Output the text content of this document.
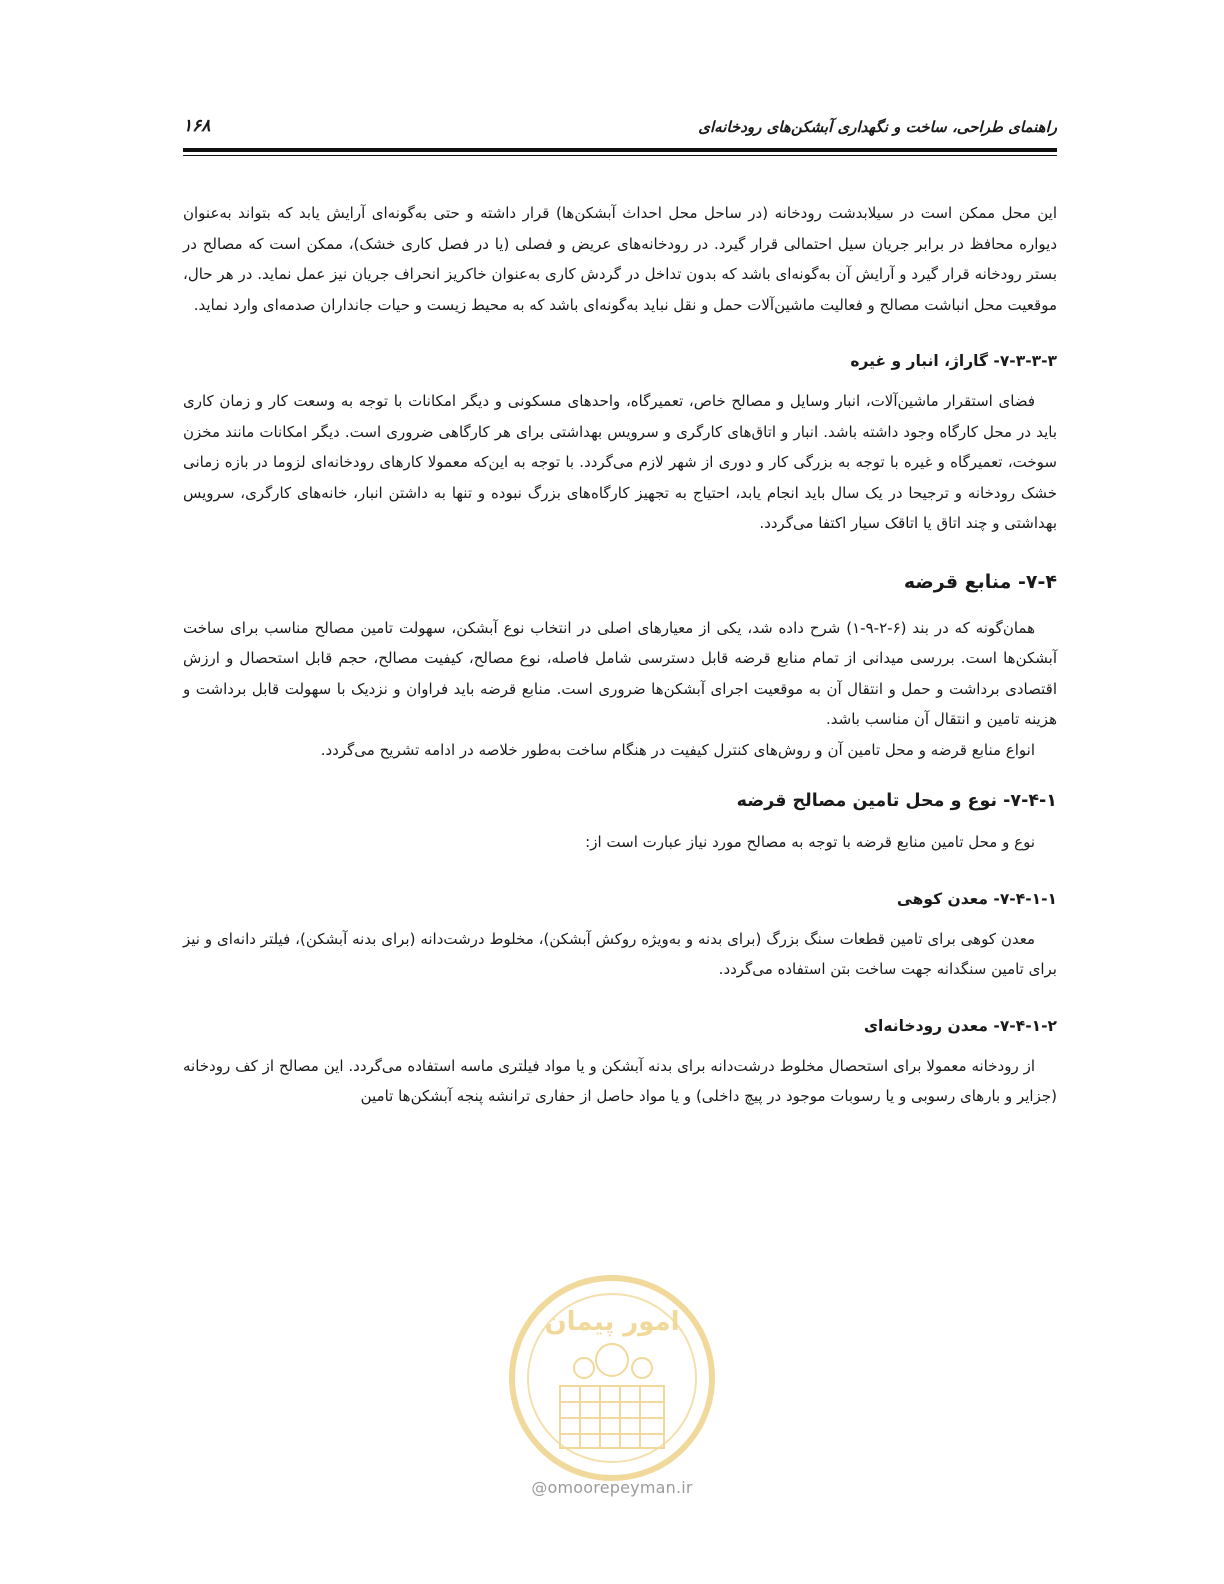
راهنمای طراحی، ساخت و نگهداری آبشکن‌های رودخانه‌ای
۱۶۸

این محل ممکن است در سیلابدشت رودخانه (در ساحل محل احداث آبشکن‌ها) قرار داشته و حتی به‌گونه‌ای آرایش یابد که بتواند به‌عنوان دیواره محافظ در برابر جریان سیل احتمالی قرار گیرد. در رودخانه‌های عریض و فصلی (یا در فصل کاری خشک)، ممکن است که مصالح در بستر رودخانه قرار گیرد و آرایش آن به‌گونه‌ای باشد که بدون تداخل در گردش کاری به‌عنوان خاکریز انحراف جریان نیز عمل نماید. در هر حال، موقعیت محل انباشت مصالح و فعالیت ماشین‌آلات حمل و نقل نباید به‌گونه‌ای باشد که به محیط زیست و حیات جانداران صدمه‌ای وارد نماید.

۷-۳-۳-۳- گاراژ، انبار و غیره

فضای استقرار ماشین‌آلات، انبار وسایل و مصالح خاص، تعمیرگاه، واحدهای مسکونی و دیگر امکانات با توجه به وسعت کار و زمان کاری باید در محل کارگاه وجود داشته باشد. انبار و اتاق‌های کارگری و سرویس بهداشتی برای هر کارگاهی ضروری است. دیگر امکانات مانند مخزن سوخت، تعمیرگاه و غیره با توجه به بزرگی کار و دوری از شهر لازم می‌گردد. با توجه به این‌که معمولا کارهای رودخانه‌ای لزوما در بازه زمانی خشک رودخانه و ترجیحا در یک سال باید انجام یابد، احتیاج به تجهیز کارگاه‌های بزرگ نبوده و تنها به داشتن انبار، خانه‌های کارگری، سرویس بهداشتی و چند اتاق یا اتاقک سیار اکتفا می‌گردد.

۷-۴- منابع قرضه

همان‌گونه که در بند (۶-۲-۹-۱) شرح داده شد، یکی از معیارهای اصلی در انتخاب نوع آبشکن، سهولت تامین مصالح مناسب برای ساخت آبشکن‌ها است. بررسی میدانی از تمام منابع قرضه قابل دسترسی شامل فاصله، نوع مصالح، کیفیت مصالح، حجم قابل استحصال و ارزش اقتصادی برداشت و حمل و انتقال آن به موقعیت اجرای آبشکن‌ها ضروری است. منابع قرضه باید فراوان و نزدیک با سهولت قابل برداشت و هزینه تامین و انتقال آن مناسب باشد.

انواع منابع قرضه و محل تامین آن و روش‌های کنترل کیفیت در هنگام ساخت به‌طور خلاصه در ادامه تشریح می‌گردد.

۷-۴-۱- نوع و محل تامین مصالح قرضه

نوع و محل تامین منابع قرضه با توجه به مصالح مورد نیاز عبارت است از:

۷-۴-۱-۱- معدن کوهی

معدن کوهی برای تامین قطعات سنگ بزرگ (برای بدنه و به‌ویژه روکش آبشکن)، مخلوط درشت‌دانه (برای بدنه آبشکن)، فیلتر دانه‌ای و نیز برای تامین سنگدانه جهت ساخت بتن استفاده می‌گردد.

۷-۴-۱-۲- معدن رودخانه‌ای

از رودخانه معمولا برای استحصال مخلوط درشت‌دانه برای بدنه آبشکن و یا مواد فیلتری ماسه استفاده می‌گردد. این مصالح از کف رودخانه (جزایر و بارهای رسوبی و یا رسوبات موجود در پیچ داخلی) و یا مواد حاصل از حفاری ترانشه پنجه آبشکن‌ها تامین

امور پیمان
@omoorepeyman.ir
